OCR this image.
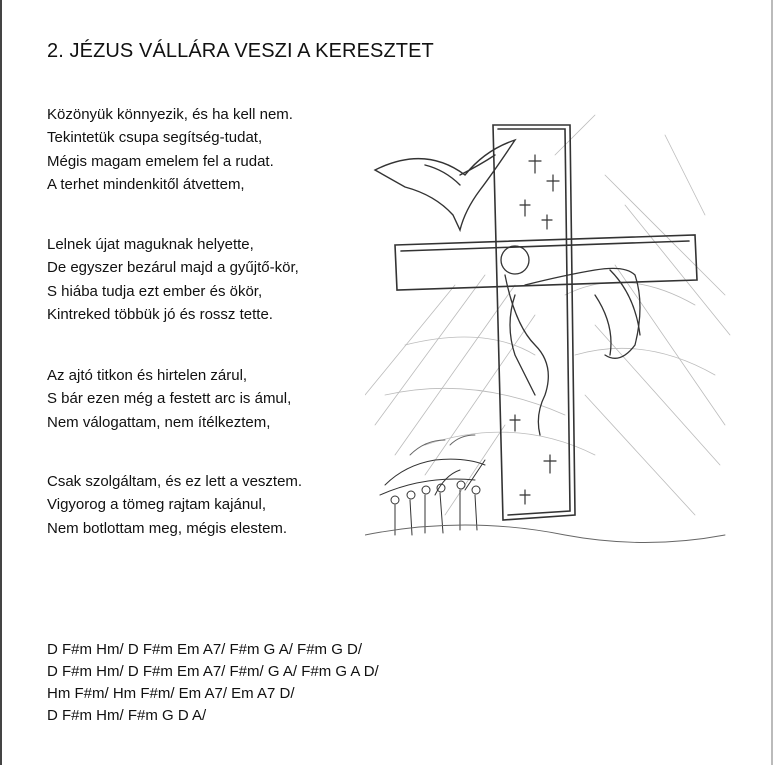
2. JÉZUS VÁLLÁRA VESZI A KERESZTET
Közönyük könnyezik, és ha kell nem.
Tekintetük csupa segítség-tudat,
Mégis magam emelem fel a rudat.
A terhet mindenkitől átvettem,
Lelnek újat maguknak helyette,
De egyszer bezárul majd a gyűjtő-kör,
S hiába tudja ezt ember és ökör,
Kintreked többük jó és rossz tette.
Az ajtó titkon és hirtelen zárul,
S bár ezen még a festett arc is ámul,
Nem válogattam, nem ítélkeztem,
Csak szolgáltam, és ez lett a vesztem.
Vigyorog a tömeg rajtam kajánul,
Nem botlottam meg, mégis elestem.
D F#m Hm/ D F#m Em A7/ F#m G A/ F#m G D/
D F#m Hm/ D F#m Em A7/ F#m/ G A/ F#m G A D/
Hm F#m/ Hm F#m/ Em A7/ Em A7 D/
D F#m Hm/ F#m G D A/
